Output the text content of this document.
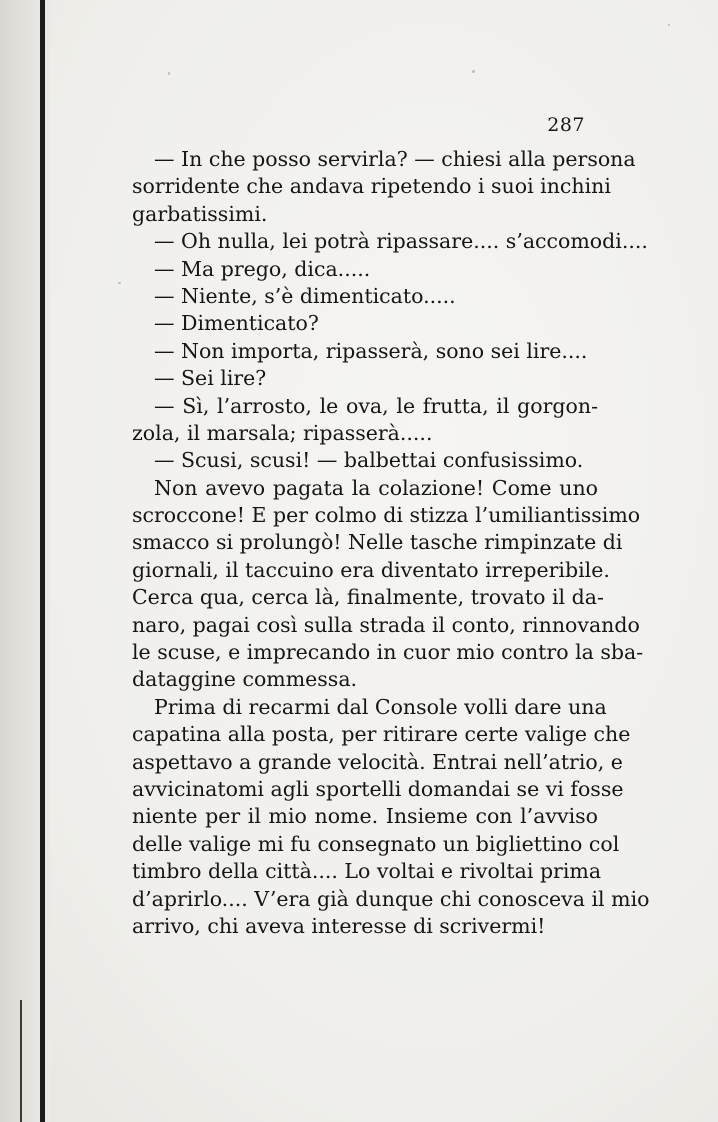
287
— In che posso servirla? — chiesi alla persona
sorridente che andava ripetendo i suoi inchini
garbatissimi.
— Oh nulla, lei potrà ripassare.... s’accomodi....
— Ma prego, dica.....
— Niente, s’è dimenticato.....
— Dimenticato?
— Non importa, ripasserà, sono sei lire....
— Sei lire?
— Sì, l’arrosto, le ova, le frutta, il gorgon-
zola, il marsala; ripasserà.....
— Scusi, scusi! — balbettai confusissimo.
Non avevo pagata la colazione! Come uno
scroccone! E per colmo di stizza l’umiliantissimo
smacco si prolungò! Nelle tasche rimpinzate di
giornali, il taccuino era diventato irreperibile.
Cerca qua, cerca là, finalmente, trovato il da-
naro, pagai così sulla strada il conto, rinnovando
le scuse, e imprecando in cuor mio contro la sba-
dataggine commessa.
Prima di recarmi dal Console volli dare una
capatina alla posta, per ritirare certe valige che
aspettavo a grande velocità. Entrai nell’atrio, e
avvicinatomi agli sportelli domandai se vi fosse
niente per il mio nome. Insieme con l’avviso
delle valige mi fu consegnato un bigliettino col
timbro della città.... Lo voltai e rivoltai prima
d’aprirlo.... V’era già dunque chi conosceva il mio
arrivo, chi aveva interesse di scrivermi!
